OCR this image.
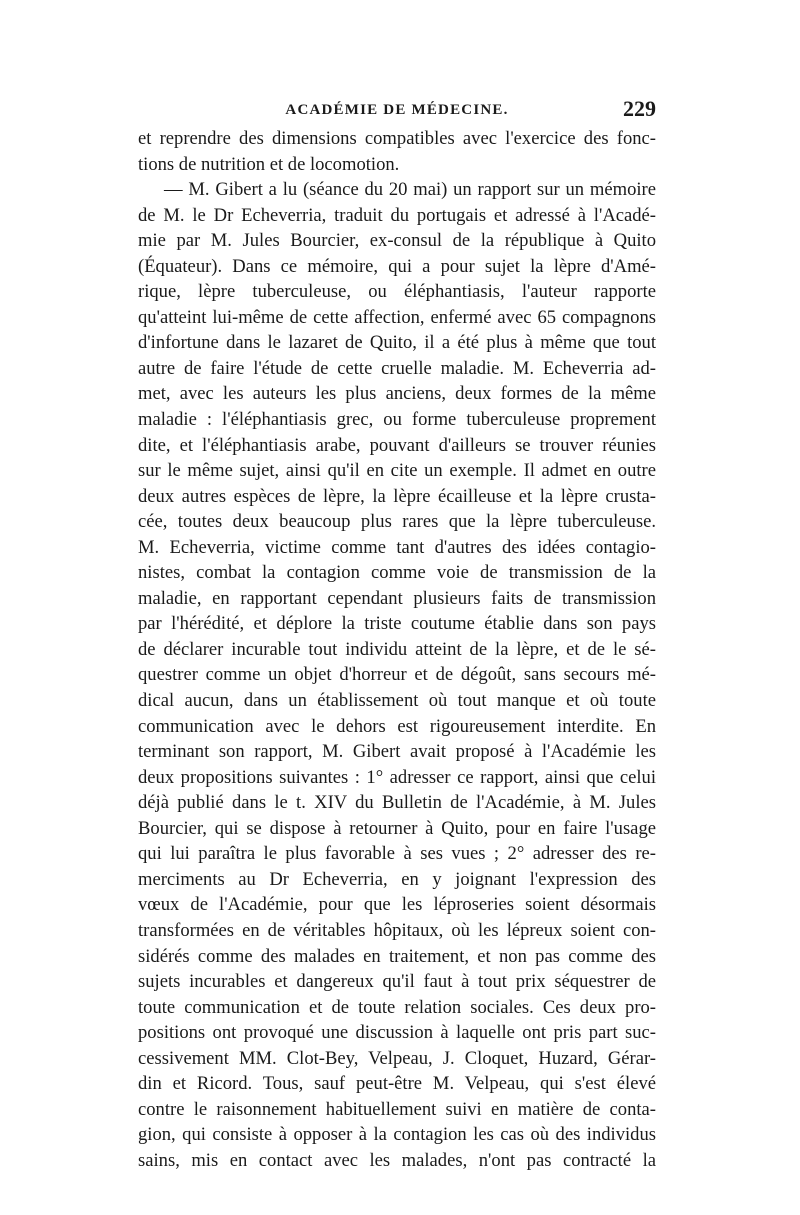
ACADÉMIE DE MÉDECINE.	229
et reprendre des dimensions compatibles avec l'exercice des fonc-
tions de nutrition et de locomotion.
— M. Gibert a lu (séance du 20 mai) un rapport sur un mémoire
de M. le Dr Echeverria, traduit du portugais et adressé à l'Acadé-
mie par M. Jules Bourcier, ex-consul de la république à Quito
(Équateur). Dans ce mémoire, qui a pour sujet la lèpre d'Amé-
rique, lèpre tuberculeuse, ou éléphantiasis, l'auteur rapporte
qu'atteint lui-même de cette affection, enfermé avec 65 compagnons
d'infortune dans le lazaret de Quito, il a été plus à même que tout
autre de faire l'étude de cette cruelle maladie. M. Echeverria ad-
met, avec les auteurs les plus anciens, deux formes de la même
maladie : l'éléphantiasis grec, ou forme tuberculeuse proprement
dite, et l'éléphantiasis arabe, pouvant d'ailleurs se trouver réunies
sur le même sujet, ainsi qu'il en cite un exemple. Il admet en outre
deux autres espèces de lèpre, la lèpre écailleuse et la lèpre crusta-
cée, toutes deux beaucoup plus rares que la lèpre tuberculeuse.
M. Echeverria, victime comme tant d'autres des idées contagio-
nistes, combat la contagion comme voie de transmission de la
maladie, en rapportant cependant plusieurs faits de transmission
par l'hérédité, et déplore la triste coutume établie dans son pays
de déclarer incurable tout individu atteint de la lèpre, et de le sé-
questrer comme un objet d'horreur et de dégoût, sans secours mé-
dical aucun, dans un établissement où tout manque et où toute
communication avec le dehors est rigoureusement interdite. En
terminant son rapport, M. Gibert avait proposé à l'Académie les
deux propositions suivantes : 1° adresser ce rapport, ainsi que celui
déjà publié dans le t. XIV du Bulletin de l'Académie, à M. Jules
Bourcier, qui se dispose à retourner à Quito, pour en faire l'usage
qui lui paraîtra le plus favorable à ses vues ; 2° adresser des re-
merciments au Dr Echeverria, en y joignant l'expression des
vœux de l'Académie, pour que les léproseries soient désormais
transformées en de véritables hôpitaux, où les lépreux soient con-
sidérés comme des malades en traitement, et non pas comme des
sujets incurables et dangereux qu'il faut à tout prix séquestrer de
toute communication et de toute relation sociales. Ces deux pro-
positions ont provoqué une discussion à laquelle ont pris part suc-
cessivement MM. Clot-Bey, Velpeau, J. Cloquet, Huzard, Gérar-
din et Ricord. Tous, sauf peut-être M. Velpeau, qui s'est élevé
contre le raisonnement habituellement suivi en matière de conta-
gion, qui consiste à opposer à la contagion les cas où des individus
sains, mis en contact avec les malades, n'ont pas contracté la
